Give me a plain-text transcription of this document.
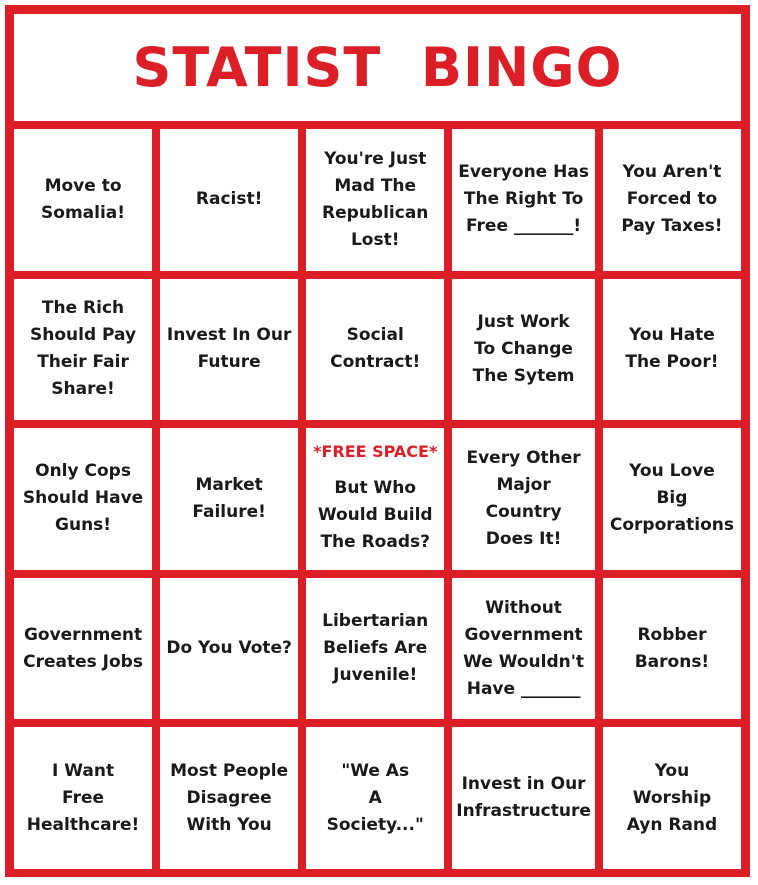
STATIST  BINGO
Move to
Somalia!
Racist!
You're Just
Mad The
Republican
Lost!
Everyone Has
The Right To
Free _______!
You Aren't
Forced to
Pay Taxes!
The Rich
Should Pay
Their Fair
Share!
Invest In Our
Future
Social
Contract!
Just Work
To Change
The Sytem
You Hate
The Poor!
Only Cops
Should Have
Guns!
Market
Failure!
*FREE SPACE*
But Who
Would Build
The Roads?
Every Other
Major
Country
Does It!
You Love
Big
Corporations
Government
Creates Jobs
Do You Vote?
Libertarian
Beliefs Are
Juvenile!
Without
Government
We Wouldn't
Have _______
Robber
Barons!
I Want
Free
Healthcare!
Most People
Disagree
With You
"We As
A
Society..."
Invest in Our
Infrastructure
You
Worship
Ayn Rand
